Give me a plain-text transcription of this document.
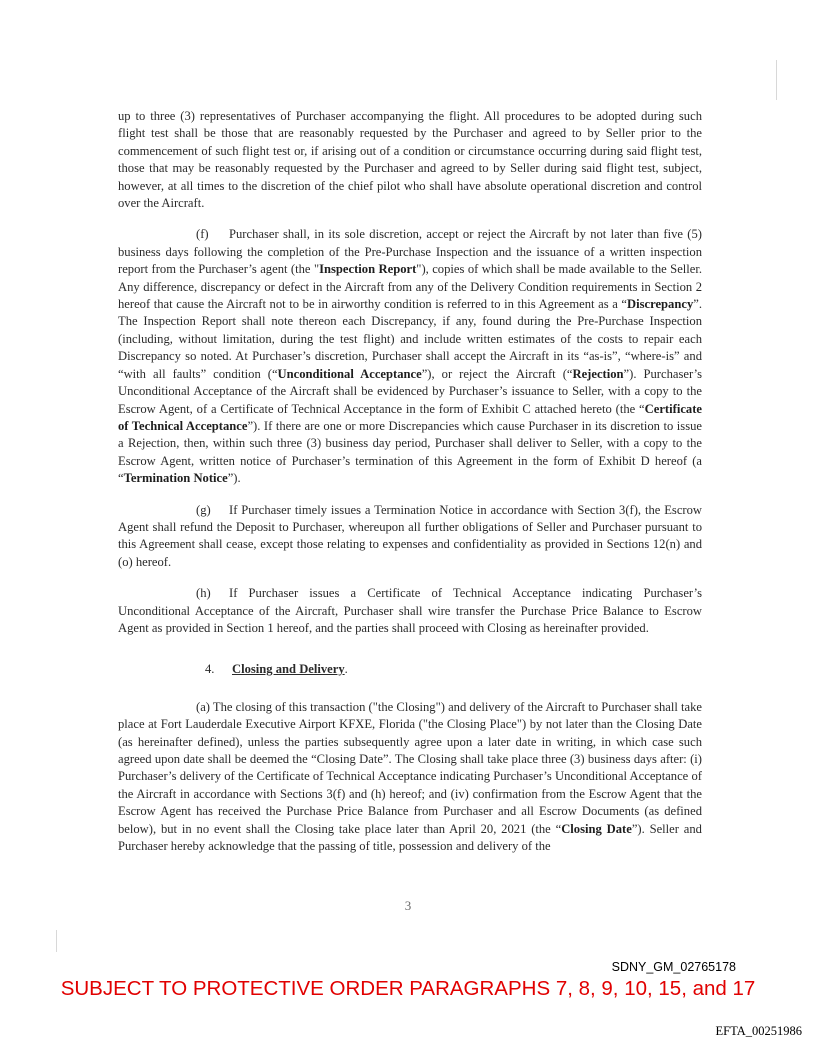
up to three (3) representatives of Purchaser accompanying the flight. All procedures to be adopted during such flight test shall be those that are reasonably requested by the Purchaser and agreed to by Seller prior to the commencement of such flight test or, if arising out of a condition or circumstance occurring during said flight test, those that may be reasonably requested by the Purchaser and agreed to by Seller during said flight test, subject, however, at all times to the discretion of the chief pilot who shall have absolute operational discretion and control over the Aircraft.

(f) Purchaser shall, in its sole discretion, accept or reject the Aircraft by not later than five (5) business days following the completion of the Pre-Purchase Inspection and the issuance of a written inspection report from the Purchaser’s agent (the "Inspection Report"), copies of which shall be made available to the Seller. Any difference, discrepancy or defect in the Aircraft from any of the Delivery Condition requirements in Section 2 hereof that cause the Aircraft not to be in airworthy condition is referred to in this Agreement as a “Discrepancy”. The Inspection Report shall note thereon each Discrepancy, if any, found during the Pre-Purchase Inspection (including, without limitation, during the test flight) and include written estimates of the costs to repair each Discrepancy so noted. At Purchaser’s discretion, Purchaser shall accept the Aircraft in its “as-is”, “where-is” and “with all faults” condition (“Unconditional Acceptance”), or reject the Aircraft (“Rejection”). Purchaser’s Unconditional Acceptance of the Aircraft shall be evidenced by Purchaser’s issuance to Seller, with a copy to the Escrow Agent, of a Certificate of Technical Acceptance in the form of Exhibit C attached hereto (the “Certificate of Technical Acceptance”). If there are one or more Discrepancies which cause Purchaser in its discretion to issue a Rejection, then, within such three (3) business day period, Purchaser shall deliver to Seller, with a copy to the Escrow Agent, written notice of Purchaser’s termination of this Agreement in the form of Exhibit D hereof (a “Termination Notice”).

(g) If Purchaser timely issues a Termination Notice in accordance with Section 3(f), the Escrow Agent shall refund the Deposit to Purchaser, whereupon all further obligations of Seller and Purchaser pursuant to this Agreement shall cease, except those relating to expenses and confidentiality as provided in Sections 12(n) and (o) hereof.

(h) If Purchaser issues a Certificate of Technical Acceptance indicating Purchaser’s Unconditional Acceptance of the Aircraft, Purchaser shall wire transfer the Purchase Price Balance to Escrow Agent as provided in Section 1 hereof, and the parties shall proceed with Closing as hereinafter provided.

4. Closing and Delivery.

(a) The closing of this transaction ("the Closing") and delivery of the Aircraft to Purchaser shall take place at Fort Lauderdale Executive Airport KFXE, Florida ("the Closing Place") by not later than the Closing Date (as hereinafter defined), unless the parties subsequently agree upon a later date in writing, in which case such agreed upon date shall be deemed the “Closing Date”. The Closing shall take place three (3) business days after: (i) Purchaser’s delivery of the Certificate of Technical Acceptance indicating Purchaser’s Unconditional Acceptance of the Aircraft in accordance with Sections 3(f) and (h) hereof; and (iv) confirmation from the Escrow Agent that the Escrow Agent has received the Purchase Price Balance from Purchaser and all Escrow Documents (as defined below), but in no event shall the Closing take place later than April 20, 2021 (the “Closing Date”). Seller and Purchaser hereby acknowledge that the passing of title, possession and delivery of the

3
SDNY_GM_02765178
SUBJECT TO PROTECTIVE ORDER PARAGRAPHS 7, 8, 9, 10, 15, and 17
EFTA_00251986
